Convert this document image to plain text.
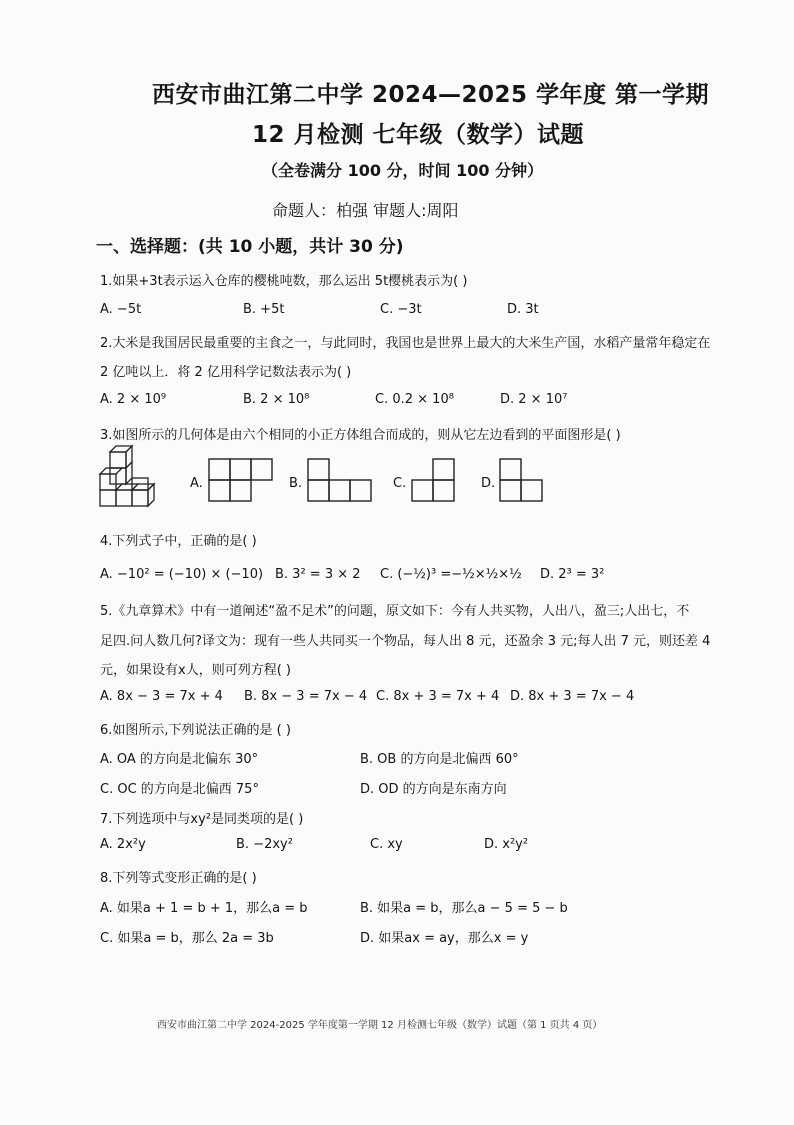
西安市曲江第二中学 2024—2025 学年度 第一学期
12 月检测 七年级（数学）试题
（全卷满分 100 分，时间 100 分钟）
命题人：柏强 审题人:周阳
一、选择题：(共 10 小题，共计 30 分)
1.如果+3t表示运入仓库的樱桃吨数，那么运出 5t樱桃表示为( )
A. −5t	B. +5t	C. −3t	D. 3t
2.大米是我国居民最重要的主食之一，与此同时，我国也是世界上最大的大米生产国，水稻产量常年稳定在
2 亿吨以上．将 2 亿用科学记数法表示为( )
A. 2 × 10⁹	B. 2 × 10⁸	C. 0.2 × 10⁸	D. 2 × 10⁷
3.如图所示的几何体是由六个相同的小正方体组合而成的，则从它左边看到的平面图形是( )
A.	B.	C.	D.
4.下列式子中，正确的是( )
A. −10² = (−10) × (−10) B. 3² = 3 × 2 C. (−½)³ =−½×½×½ D. 2³ = 3²
5.《九章算术》中有一道阐述“盈不足术”的问题，原文如下：今有人共买物，人出八，盈三;人出七，不
足四.问人数几何?译文为：现有一些人共同买一个物品，每人出 8 元，还盈余 3 元;每人出 7 元，则还差 4
元，如果设有x人，则可列方程( )
A. 8x − 3 = 7x + 4 B. 8x − 3 = 7x − 4 C. 8x + 3 = 7x + 4 D. 8x + 3 = 7x − 4
6.如图所示,下列说法正确的是 ( )
A. OA 的方向是北偏东 30°	B. OB 的方向是北偏西 60°
C. OC 的方向是北偏西 75°	D. OD 的方向是东南方向
7.下列选项中与xy²是同类项的是( )
A. 2x²y	B. −2xy²	C. xy	D. x²y²
8.下列等式变形正确的是( )
A. 如果a + 1 = b + 1，那么a = b	B. 如果a = b，那么a − 5 = 5 − b
C. 如果a = b，那么 2a = 3b	D. 如果ax = ay，那么x = y
西安市曲江第二中学 2024-2025 学年度第一学期 12 月检测七年级（数学）试题（第 1 页共 4 页）
